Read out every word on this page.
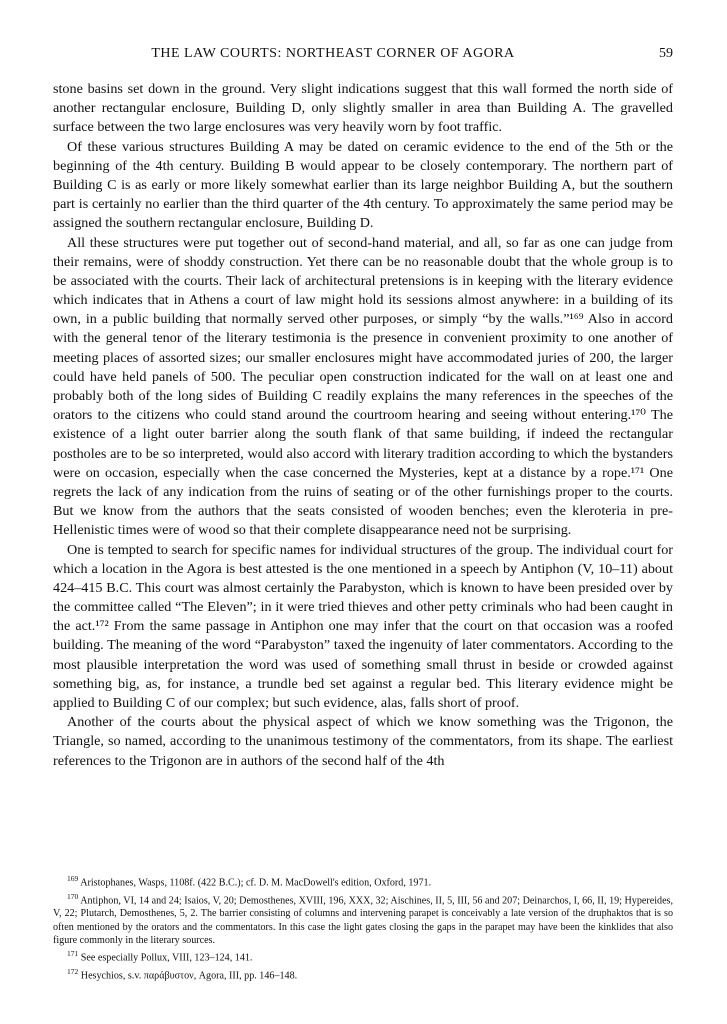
THE LAW COURTS: NORTHEAST CORNER OF AGORA	59

stone basins set down in the ground. Very slight indications suggest that this wall formed the north side of another rectangular enclosure, Building D, only slightly smaller in area than Building A. The gravelled surface between the two large enclosures was very heavily worn by foot traffic.

Of these various structures Building A may be dated on ceramic evidence to the end of the 5th or the beginning of the 4th century. Building B would appear to be closely contemporary. The northern part of Building C is as early or more likely somewhat earlier than its large neighbor Building A, but the southern part is certainly no earlier than the third quarter of the 4th century. To approximately the same period may be assigned the southern rectangular enclosure, Building D.

All these structures were put together out of second-hand material, and all, so far as one can judge from their remains, were of shoddy construction. Yet there can be no reasonable doubt that the whole group is to be associated with the courts. Their lack of architectural pretensions is in keeping with the literary evidence which indicates that in Athens a court of law might hold its sessions almost anywhere: in a building of its own, in a public building that normally served other purposes, or simply “by the walls.”¹⁶⁹ Also in accord with the general tenor of the literary testimonia is the presence in convenient proximity to one another of meeting places of assorted sizes; our smaller enclosures might have accommodated juries of 200, the larger could have held panels of 500. The peculiar open construction indicated for the wall on at least one and probably both of the long sides of Building C readily explains the many references in the speeches of the orators to the citizens who could stand around the courtroom hearing and seeing without entering.¹⁷⁰ The existence of a light outer barrier along the south flank of that same building, if indeed the rectangular postholes are to be so interpreted, would also accord with literary tradition according to which the bystanders were on occasion, especially when the case concerned the Mysteries, kept at a distance by a rope.¹⁷¹ One regrets the lack of any indication from the ruins of seating or of the other furnishings proper to the courts. But we know from the authors that the seats consisted of wooden benches; even the kleroteria in pre-Hellenistic times were of wood so that their complete disappearance need not be surprising.

One is tempted to search for specific names for individual structures of the group. The individual court for which a location in the Agora is best attested is the one mentioned in a speech by Antiphon (V, 10–11) about 424–415 B.C. This court was almost certainly the Parabyston, which is known to have been presided over by the committee called “The Eleven”; in it were tried thieves and other petty criminals who had been caught in the act.¹⁷² From the same passage in Antiphon one may infer that the court on that occasion was a roofed building. The meaning of the word “Parabyston” taxed the ingenuity of later commentators. According to the most plausible interpretation the word was used of something small thrust in beside or crowded against something big, as, for instance, a trundle bed set against a regular bed. This literary evidence might be applied to Building C of our complex; but such evidence, alas, falls short of proof.

Another of the courts about the physical aspect of which we know something was the Trigonon, the Triangle, so named, according to the unanimous testimony of the commentators, from its shape. The earliest references to the Trigonon are in authors of the second half of the 4th

$^{169}$ Aristophanes, Wasps, 1108f. (422 B.C.); cf. D. M. MacDowell's edition, Oxford, 1971.

$^{170}$ Antiphon, VI, 14 and 24; Isaios, V, 20; Demosthenes, XVIII, 196, XXX, 32; Aischines, II, 5, III, 56 and 207; Deinarchos, I, 66, II, 19; Hypereides, V, 22; Plutarch, Demosthenes, 5, 2. The barrier consisting of columns and intervening parapet is conceivably a late version of the druphaktos that is so often mentioned by the orators and the commentators. In this case the light gates closing the gaps in the parapet may have been the kinklides that also figure commonly in the literary sources.

$^{171}$ See especially Pollux, VIII, 123–124, 141.

$^{172}$ Hesychios, s.v. παράβυστον, Agora, III, pp. 146–148.
